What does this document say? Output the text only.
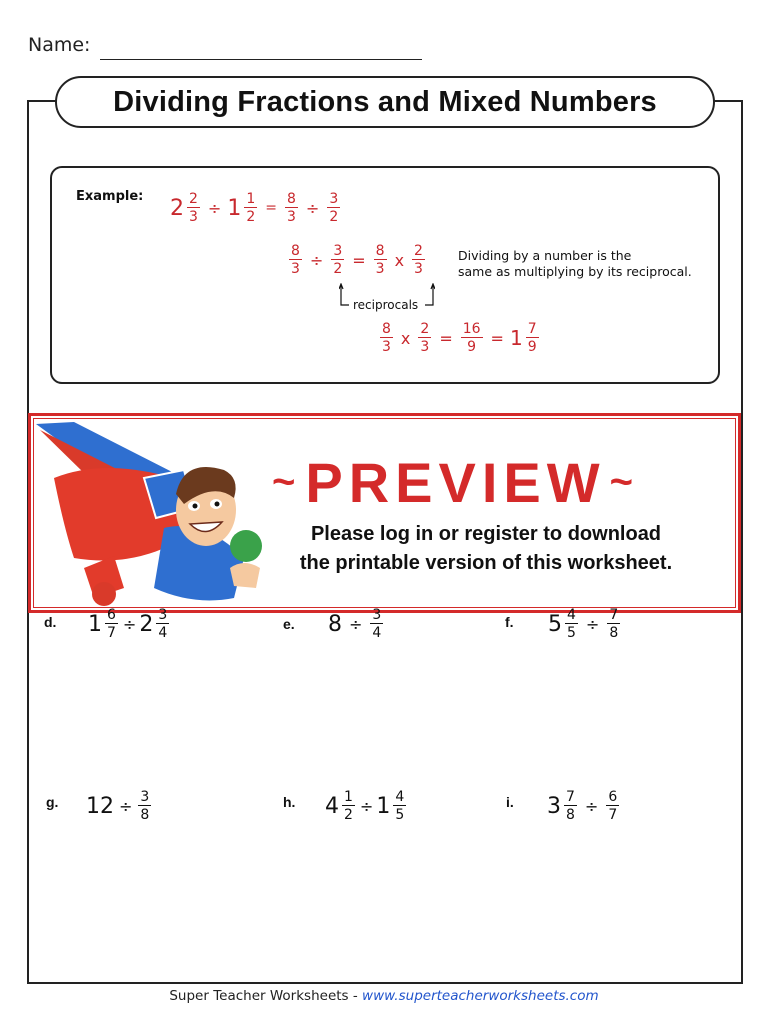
Name:
Dividing Fractions and Mixed Numbers
Example: $2 \frac{2}{3} \div 1 \frac{1}{2} = \frac{8}{3} \div \frac{3}{2}$
$\frac{8}{3} \div \frac{3}{2} = \frac{8}{3}$ x $\frac{2}{3}$	Dividing by a number is the
same as multiplying by its reciprocal.
reciprocals
$\frac{8}{3}$ x $\frac{2}{3} = \frac{16}{9} = 1 \frac{7}{9}$
~ PREVIEW ~
Please log in or register to download
the printable version of this worksheet.
d. $1 \frac{6}{7} \div 2 \frac{3}{4}$	e. $8 \div \frac{3}{4}$	f. $5 \frac{4}{5} \div \frac{7}{8}$
g. $12 \div \frac{3}{8}$	h. $4 \frac{1}{2} \div 1 \frac{4}{5}$	i. $3 \frac{7}{8} \div \frac{6}{7}$
Super Teacher Worksheets - www.superteacherworksheets.com
